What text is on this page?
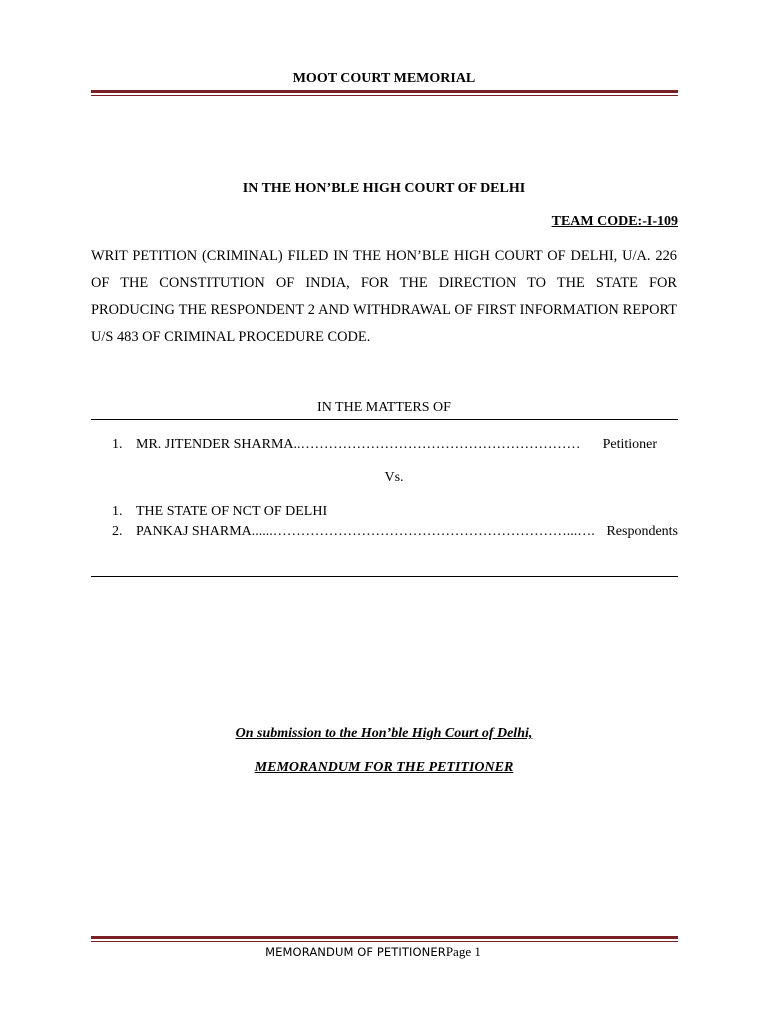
MOOT COURT MEMORIAL
IN THE HON’BLE HIGH COURT OF DELHI
TEAM CODE:-I-109

WRIT PETITION (CRIMINAL) FILED IN THE HON’BLE HIGH COURT OF DELHI, U/A. 226 OF THE CONSTITUTION OF INDIA, FOR THE DIRECTION TO THE STATE FOR PRODUCING THE RESPONDENT 2 AND WITHDRAWAL OF FIRST INFORMATION REPORT U/S 483 OF CRIMINAL PROCEDURE CODE.

IN THE MATTERS OF
1. MR. JITENDER SHARMA.. ……………………………………………………	Petitioner
Vs.
1. THE STATE OF NCT OF DELHI
2. PANKAJ SHARMA...... ………………………………………………………...…. Respondents
On submission to the Hon’ble High Court of Delhi,
MEMORANDUM FOR THE PETITIONER
MEMORANDUM OF PETITIONERPage 1
